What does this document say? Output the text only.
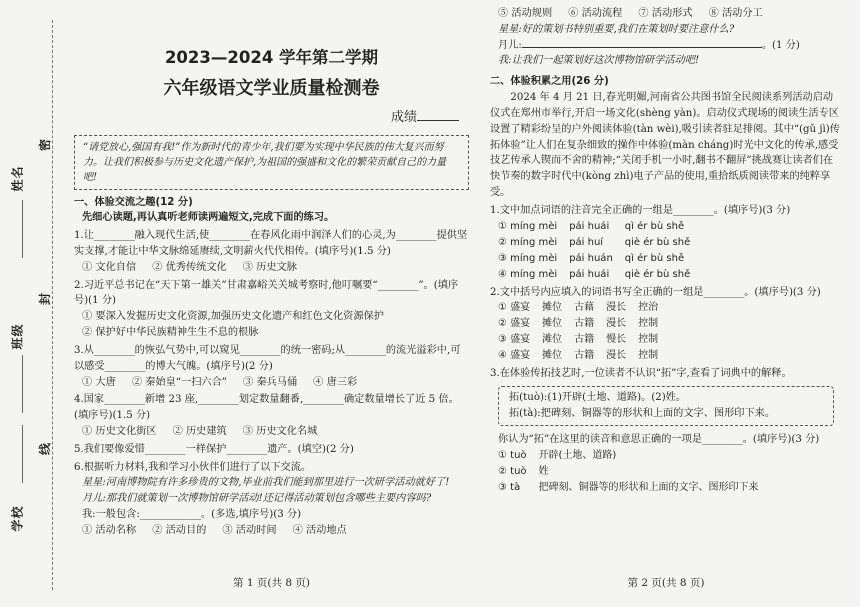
姓名
班级
学校
密
封
线
2023—2024 学年第二学期
六年级语文学业质量检测卷
成绩
“请党放心,强国有我!”作为新时代的青少年,我们要为实现中华民族的伟大复兴而努力。让我们积极参与历史文化遗产保护,为祖国的强盛和文化的繁荣贡献自己的力量吧!
一、体验交流之趣(12 分)
先细心读题,再认真听老师读两遍短文,完成下面的练习。
1.让________融入现代生活,使________在春风化雨中润泽人们的心灵,为________提供坚实支撑,才能让中华文脉绵延赓续,文明薪火代代相传。(填序号)(1.5 分)
① 文化自信 ② 优秀传统文化 ③ 历史文脉
2.习近平总书记在“天下第一雄关”甘肃嘉峪关关城考察时,他叮嘱要“________”。(填序号)(1 分)
① 要深入发掘历史文化资源,加强历史文化遗产和红色文化资源保护
② 保护好中华民族精神生生不息的根脉
3.从________的恢弘气势中,可以窥见________的统一密码;从________的流光溢彩中,可以感受________的博大气魄。(填序号)(2 分)
① 大唐 ② 秦始皇“一扫六合” ③ 秦兵马俑 ④ 唐三彩
4.国家________新增 23 座,________划定数量翻番,________确定数量增长了近 5 倍。(填序号)(1.5 分)
① 历史文化街区 ② 历史建筑 ③ 历史文化名城
5.我们要像爱惜________一样保护________遗产。(填空)(2 分)
6.根据听力材料,我和学习小伙伴们进行了以下交流。
星星:河南博物院有许多珍贵的文物,毕业前我们能到那里进行一次研学活动就好了!
月儿:那我们就策划一次博物馆研学活动!还记得活动策划包含哪些主要内容吗?
我:一般包含:____________。(多选,填序号)(3 分)
① 活动名称 ② 活动目的 ③ 活动时间 ④ 活动地点
第 1 页(共 8 页)
⑤ 活动规则 ⑥ 活动流程 ⑦ 活动形式 ⑧ 活动分工
星星:好的策划书特别重要,我们在策划时要注意什么?
月儿:	。(1 分)
我:让我们一起策划好这次博物馆研学活动吧!
二、体验积累之用(26 分)
2024 年 4 月 21 日,春光明媚,河南省公共图书馆全民阅读系列活动启动仪式在郑州市举行,开启一场文化(shèng yàn)。启动仪式现场的阅读生活专区设置了精彩纷呈的户外阅读体验(tàn wèi),吸引读者驻足排阅。其中“(gǔ jì)传拓体验”让人们在复杂细致的操作中体验(màn cháng)时光中文化的传承,感受技艺传承人锲而不舍的精神;“关闭手机一小时,翻书不翻屏”挑战赛让读者们在快节奏的数字时代中(kòng zhì)电子产品的使用,重拾纸质阅读带来的纯粹享受。
1.文中加点词语的注音完全正确的一组是________。(填序号)(3 分)
① míng mèi	pái huái	qì ér bù shě
② míng mèi	pái huí	qiè ér bù shě
③ míng mèi	pái huán	qì ér bù shě
④ míng mèi	pái huái	qiè ér bù shě
2.文中括号内应填入的词语书写全正确的一组是________。(填序号)(3 分)
① 盛宴	摊位	古藉	漫长	控治
② 盛宴	摊位	古籍	漫长	控制
③ 盛宴	滩位	古籍	慢长	控制
④ 盛宴	摊位	古籍	漫长	控制
3.在体验传拓技艺时,一位读者不认识“拓”字,查看了词典中的解释。
拓(tuò):(1)开辟(土地、道路)。(2)姓。
拓(tà):把碑刻、铜器等的形状和上面的文字、图形印下来。
你认为“拓”在这里的读音和意思正确的一项是________。(填序号)(3 分)
① tuò	开辟(土地、道路)
② tuò	姓
③ tà	把碑刻、铜器等的形状和上面的文字、图形印下来
第 2 页(共 8 页)
